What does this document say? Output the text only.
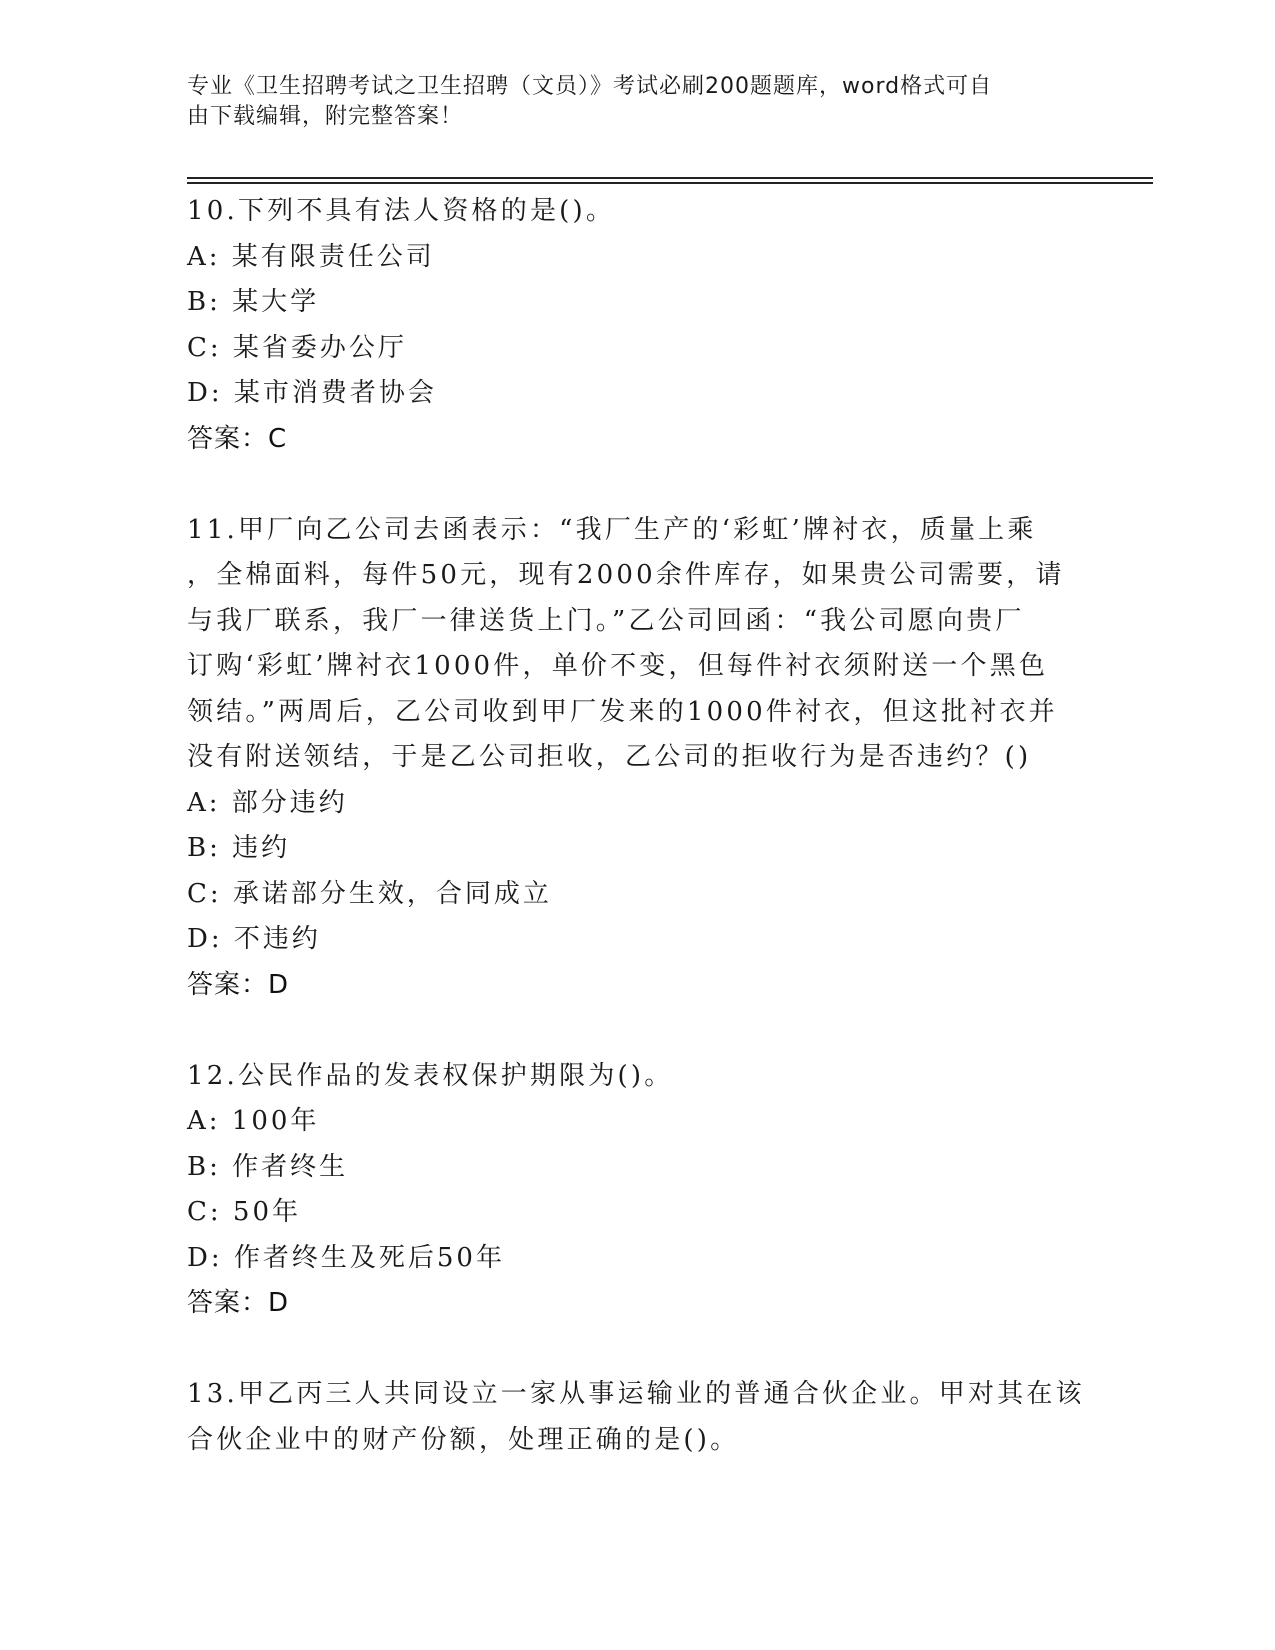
专业《卫生招聘考试之卫生招聘（文员）》考试必刷200题题库，word格式可自
由下载编辑，附完整答案！
10.下列不具有法人资格的是()。
A: 某有限责任公司
B: 某大学
C: 某省委办公厅
D: 某市消费者协会
答案：C
11.甲厂向乙公司去函表示：“我厂生产的‘彩虹’牌衬衣，质量上乘
，全棉面料，每件50元，现有2000余件库存，如果贵公司需要，请
与我厂联系，我厂一律送货上门。”乙公司回函：“我公司愿向贵厂
订购‘彩虹’牌衬衣1000件，单价不变，但每件衬衣须附送一个黑色
领结。”两周后，乙公司收到甲厂发来的1000件衬衣，但这批衬衣并
没有附送领结，于是乙公司拒收，乙公司的拒收行为是否违约？()
A: 部分违约
B: 违约
C: 承诺部分生效，合同成立
D: 不违约
答案：D
12.公民作品的发表权保护期限为()。
A: 100年
B: 作者终生
C: 50年
D: 作者终生及死后50年
答案：D
13.甲乙丙三人共同设立一家从事运输业的普通合伙企业。甲对其在该
合伙企业中的财产份额，处理正确的是()。
